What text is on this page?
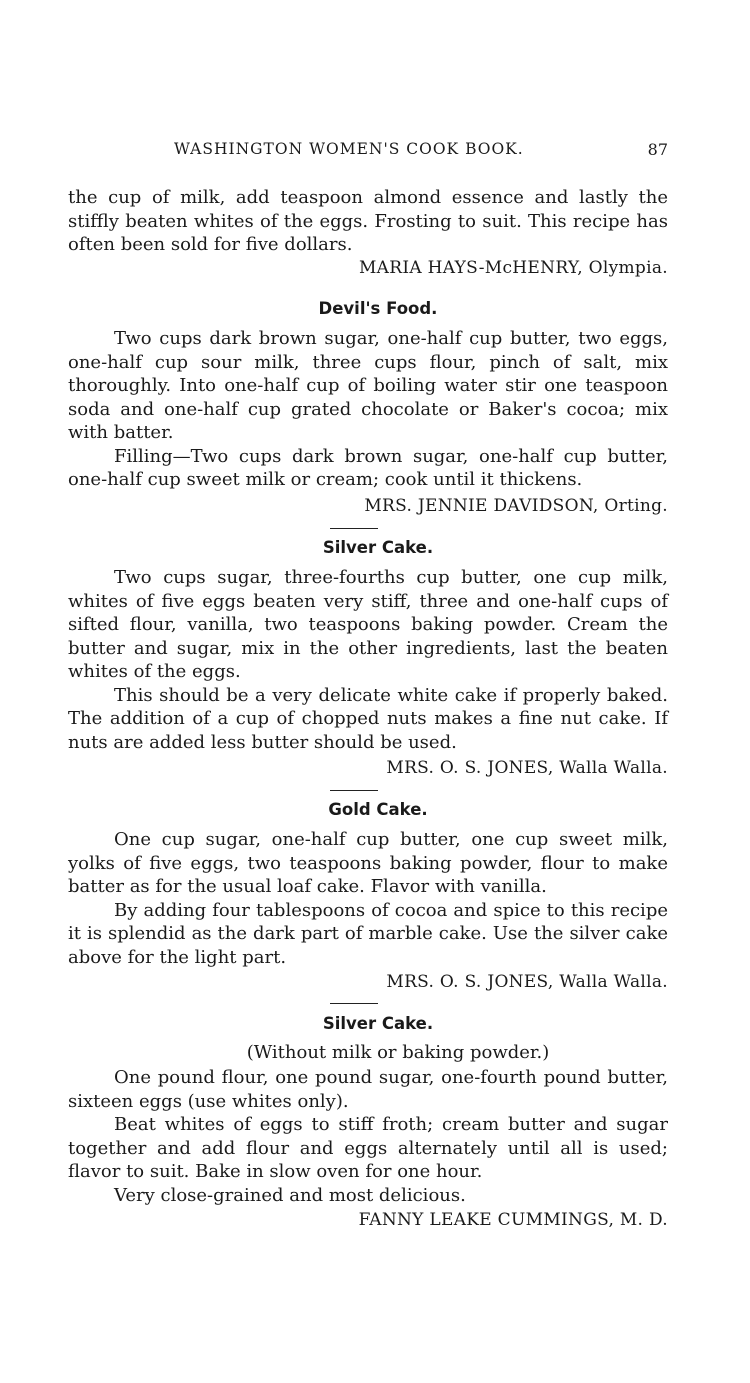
WASHINGTON WOMEN'S COOK BOOK.	87

the cup of milk, add teaspoon almond essence and lastly the stiffly beaten whites of the eggs. Frosting to suit. This recipe has often been sold for five dollars.

MARIA HAYS-McHENRY, Olympia.
Devil's Food.

Two cups dark brown sugar, one-half cup butter, two eggs, one-half cup sour milk, three cups flour, pinch of salt, mix thoroughly. Into one-half cup of boiling water stir one teaspoon soda and one-half cup grated chocolate or Baker's cocoa; mix with batter.

Filling—Two cups dark brown sugar, one-half cup butter, one-half cup sweet milk or cream; cook until it thickens.

MRS. JENNIE DAVIDSON, Orting.
Silver Cake.

Two cups sugar, three-fourths cup butter, one cup milk, whites of five eggs beaten very stiff, three and one-half cups of sifted flour, vanilla, two teaspoons baking powder. Cream the butter and sugar, mix in the other ingredients, last the beaten whites of the eggs.

This should be a very delicate white cake if properly baked. The addition of a cup of chopped nuts makes a fine nut cake. If nuts are added less butter should be used.

MRS. O. S. JONES, Walla Walla.
Gold Cake.

One cup sugar, one-half cup butter, one cup sweet milk, yolks of five eggs, two teaspoons baking powder, flour to make batter as for the usual loaf cake. Flavor with vanilla.

By adding four tablespoons of cocoa and spice to this recipe it is splendid as the dark part of marble cake. Use the silver cake above for the light part.

MRS. O. S. JONES, Walla Walla.
Silver Cake.
(Without milk or baking powder.)

One pound flour, one pound sugar, one-fourth pound butter, sixteen eggs (use whites only).

Beat whites of eggs to stiff froth; cream butter and sugar together and add flour and eggs alternately until all is used; flavor to suit. Bake in slow oven for one hour.

Very close-grained and most delicious.

FANNY LEAKE CUMMINGS, M. D.
